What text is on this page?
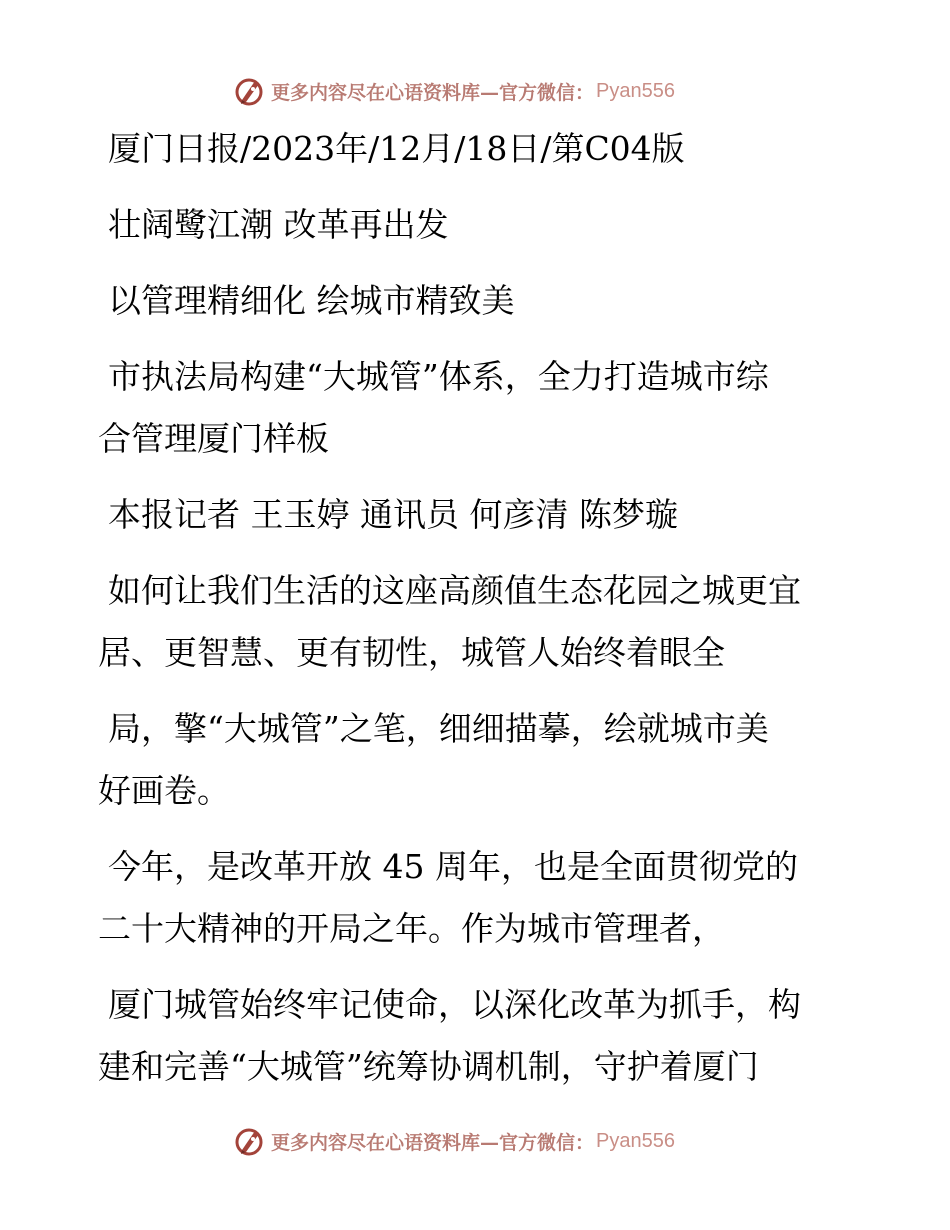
更多内容尽在心语资料库—官方微信： Pyan556
厦门日报/2023年/12月/18日/第C04版
壮阔鹭江潮 改革再出发
以管理精细化 绘城市精致美
市执法局构建“大城管”体系，全力打造城市综
合管理厦门样板
本报记者 王玉婷 通讯员 何彦清 陈梦璇
如何让我们生活的这座高颜值生态花园之城更宜
居、更智慧、更有韧性，城管人始终着眼全
局，擎“大城管”之笔，细细描摹，绘就城市美
好画卷。
今年，是改革开放 45 周年，也是全面贯彻党的
二十大精神的开局之年。作为城市管理者，
厦门城管始终牢记使命，以深化改革为抓手，构
建和完善“大城管”统筹协调机制，守护着厦门
更多内容尽在心语资料库—官方微信： Pyan556
